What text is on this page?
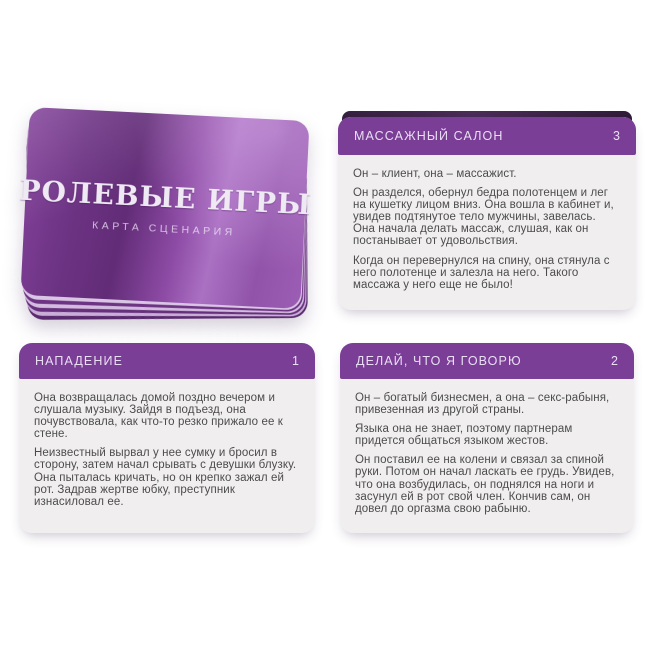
РОЛЕВЫЕ ИГРЫ
КАРТА СЦЕНАРИЯ
МАССАЖНЫЙ САЛОН	3

Он – клиент, она – массажист.

Он разделся, обернул бедра полотенцем и лег на кушетку лицом вниз. Она вошла в кабинет и, увидев подтянутое тело мужчины, завелась. Она начала делать массаж, слушая, как он постанывает от удовольствия.

Когда он перевернулся на спину, она стянула с него полотенце и залезла на него. Такого массажа у него еще не было!

НАПАДЕНИЕ	1

Она возвращалась домой поздно вечером и слушала музыку. Зайдя в подъезд, она почувствовала, как что-то резко прижало ее к стене.

Неизвестный вырвал у нее сумку и бросил в сторону, затем начал срывать с девушки блузку. Она пыталась кричать, но он крепко зажал ей рот. Задрав жертве юбку, преступник изнасиловал ее.

ДЕЛАЙ, ЧТО Я ГОВОРЮ	2

Он – богатый бизнесмен, а она – секс-рабыня, привезенная из другой страны.

Языка она не знает, поэтому партнерам придется общаться языком жестов.

Он поставил ее на колени и связал за спиной руки. Потом он начал ласкать ее грудь. Увидев, что она возбудилась, он поднялся на ноги и засунул ей в рот свой член. Кончив сам, он довел до оргазма свою рабыню.
